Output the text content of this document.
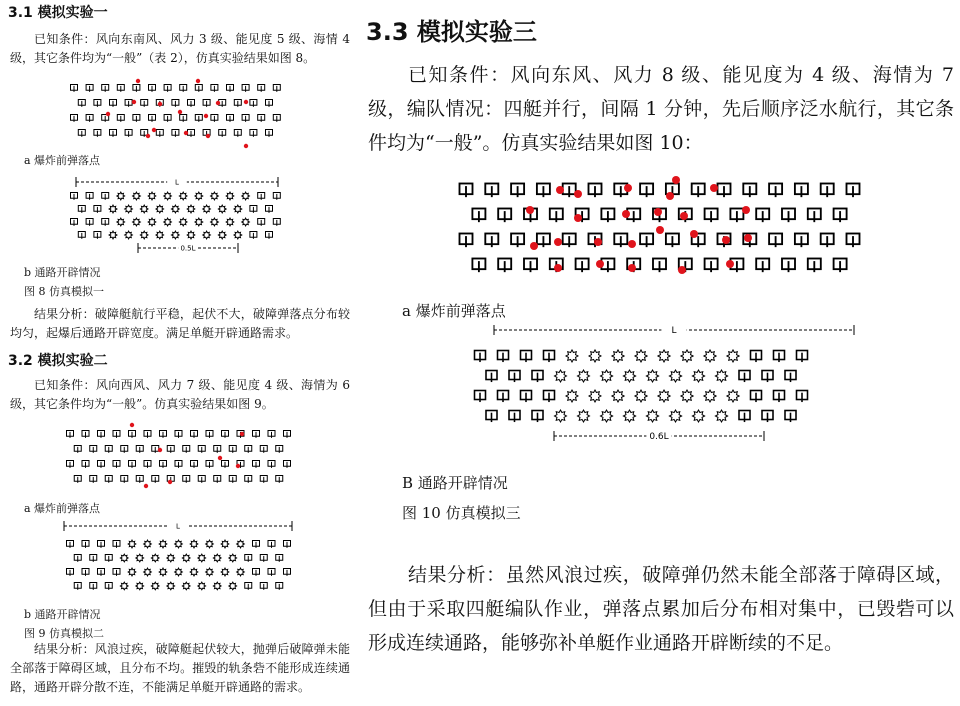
3.1 模拟实验一

已知条件：风向东南风、风力 3 级、能见度 5 级、海情 4 级，其它条件均为“一般”（表 2），仿真实验结果如图 8。

a 爆炸前弹落点

L
0.5L

b 通路开辟情况

图 8 仿真模拟一

结果分析：破障艇航行平稳，起伏不大，破障弹落点分布较均匀，起爆后通路开辟宽度。满足单艇开辟通路需求。

3.2 模拟实验二

已知条件：风向西风、风力 7 级、能见度 4 级、海情为 6 级，其它条件均为“一般”。仿真实验结果如图 9。

a 爆炸前弹落点

L

b 通路开辟情况

图 9 仿真模拟二

结果分析：风浪过疾，破障艇起伏较大，抛弹后破障弹未能全部落于障碍区域，且分布不均。摧毁的轨条砦不能形成连续通路，通路开辟分散不连，不能满足单艇开辟通路的需求。

3.3 模拟实验三

已知条件：风向东风、风力 8 级、能见度为 4 级、海情为 7 级，编队情况：四艇并行，间隔 1 分钟，先后顺序泛水航行，其它条件均为“一般”。仿真实验结果如图 10：

a 爆炸前弹落点

L
0.6L

B 通路开辟情况

图 10 仿真模拟三

结果分析：虽然风浪过疾，破障弹仍然未能全部落于障碍区域，但由于采取四艇编队作业，弹落点累加后分布相对集中，已毁砦可以形成连续通路，能够弥补单艇作业通路开辟断续的不足。
